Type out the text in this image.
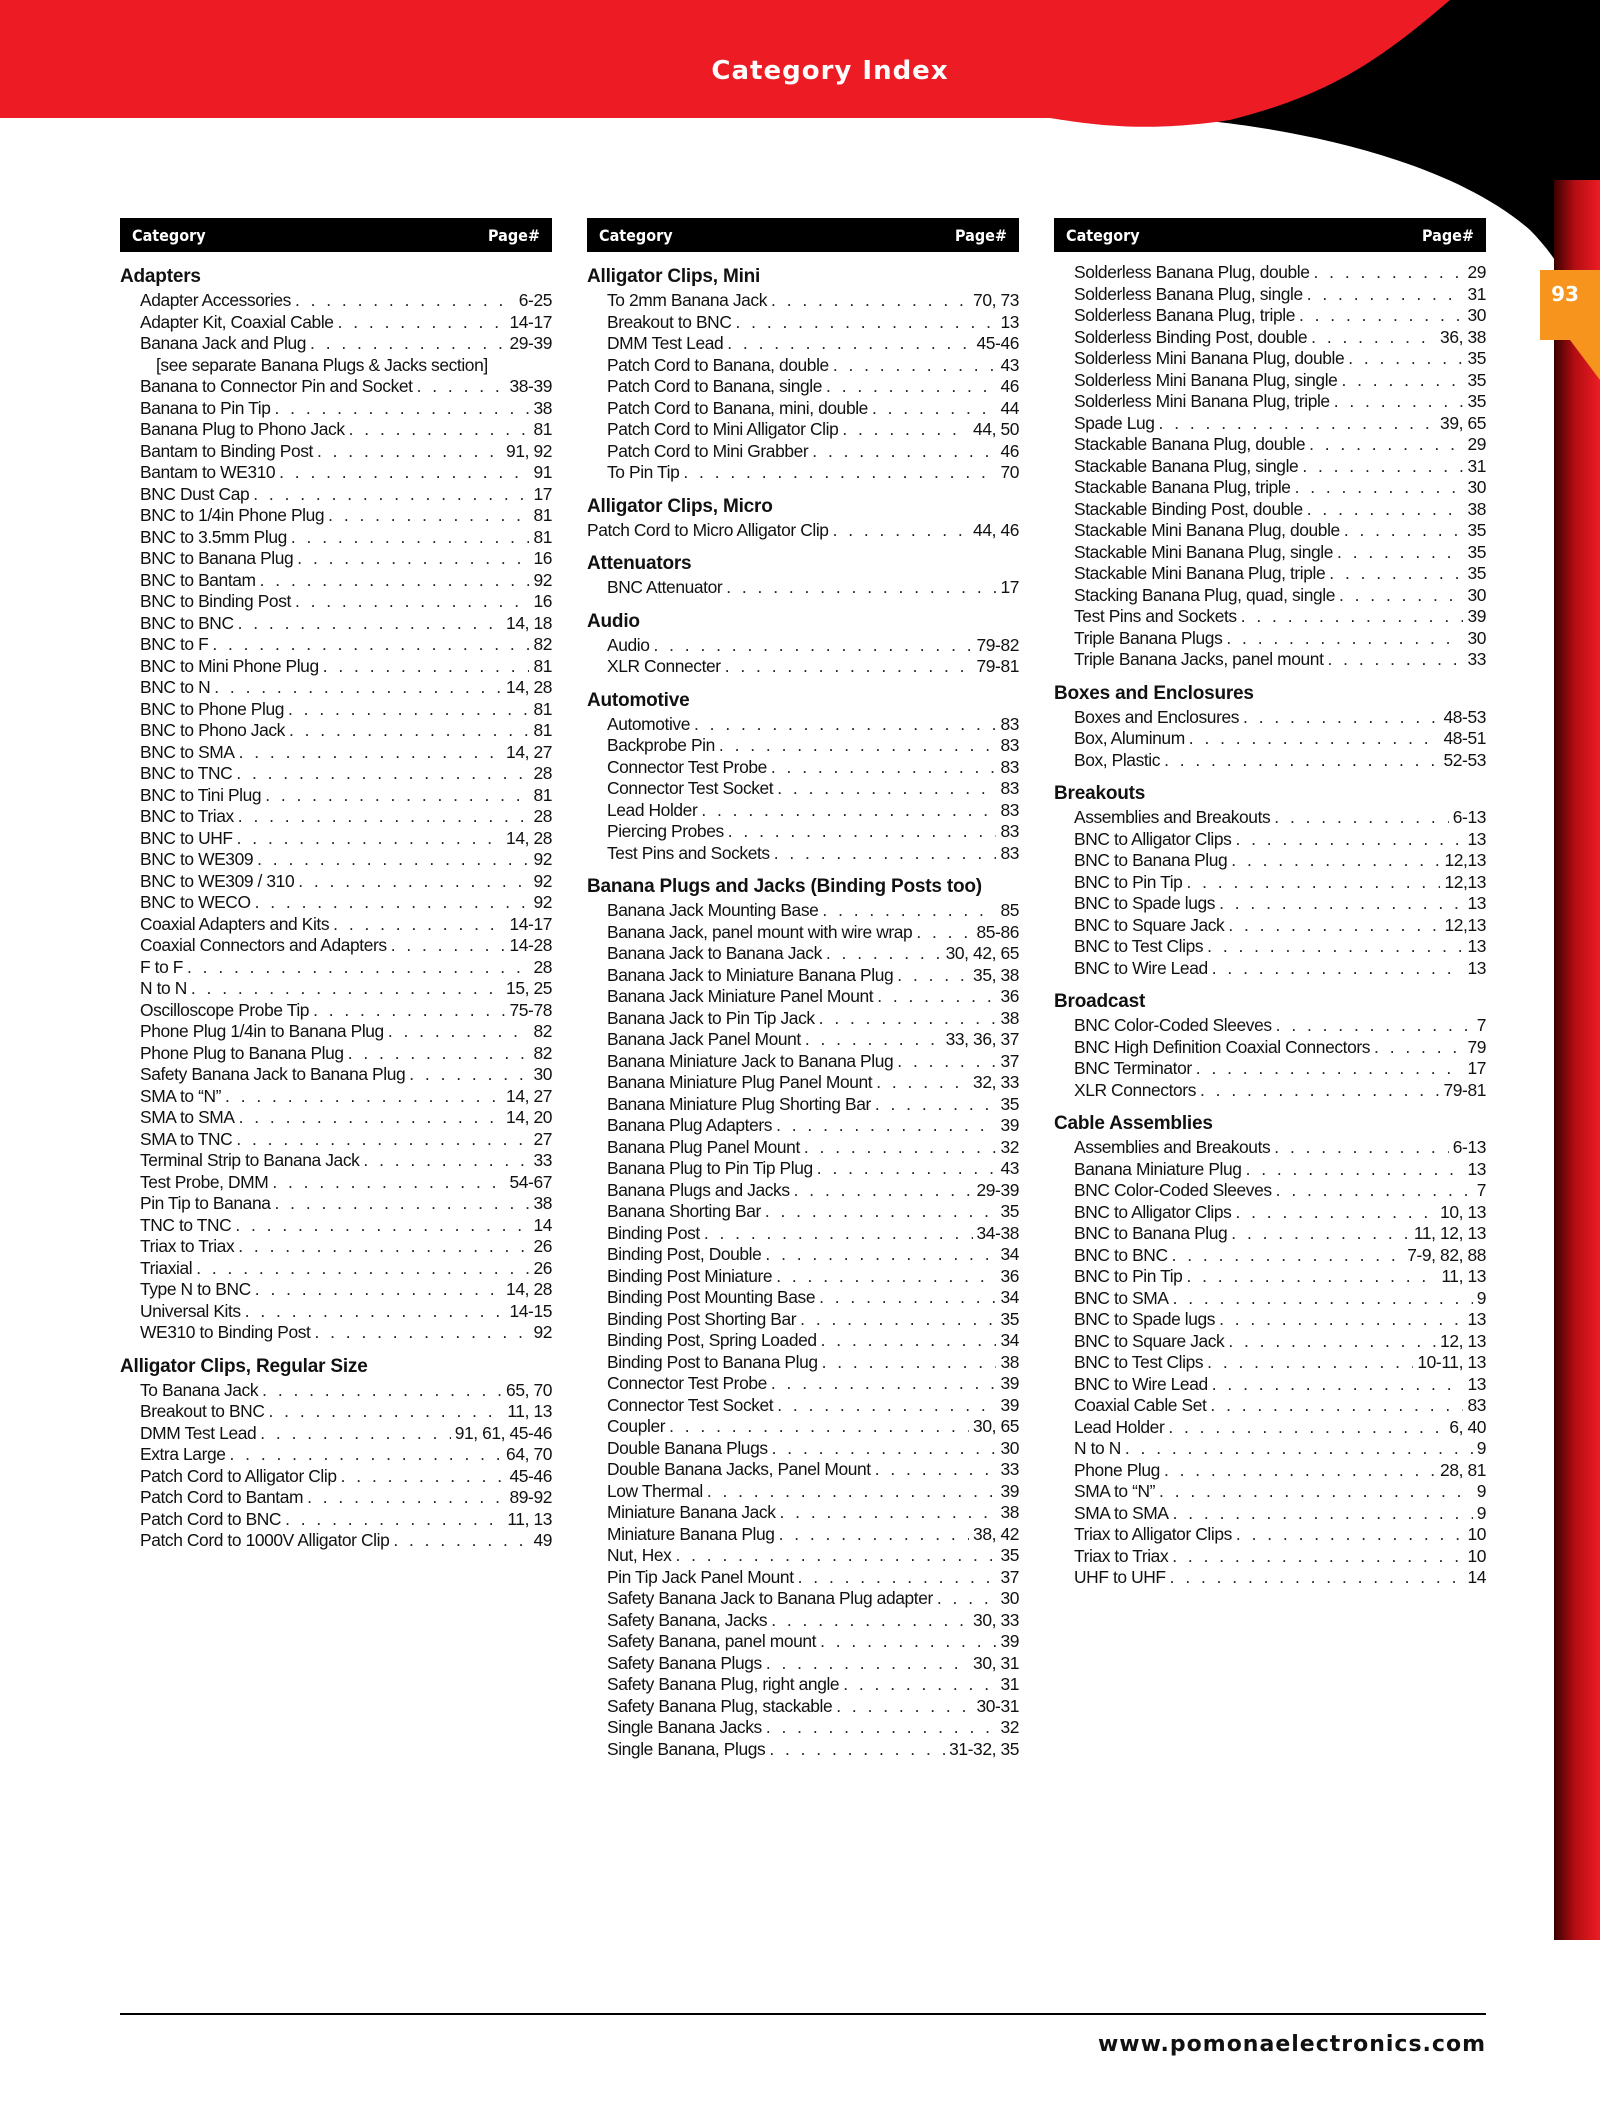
Category Index
93
Category	Page#
Adapters
Adapter Accessories . . .	6-25
Adapter Kit, Coaxial Cable . . .	14-17
Banana Jack and Plug . . .	29-39
[see separate Banana Plugs & Jacks section]
Banana to Connector Pin and Socket . . .	38-39
Banana to Pin Tip . . .	38
Banana Plug to Phono Jack . . .	81
Bantam to Binding Post . . .	91, 92
Bantam to WE310 . . .	91
BNC Dust Cap . . .	17
BNC to 1/4in Phone Plug . . .	81
BNC to 3.5mm Plug . . .	81
BNC to Banana Plug . . .	16
BNC to Bantam . . .	92
BNC to Binding Post . . .	16
BNC to BNC . . .	14, 18
BNC to F . . .	82
BNC to Mini Phone Plug . . .	81
BNC to N . . .	14, 28
BNC to Phone Plug . . .	81
BNC to Phono Jack . . .	81
BNC to SMA . . .	14, 27
BNC to TNC . . .	28
BNC to Tini Plug . . .	81
BNC to Triax . . .	28
BNC to UHF . . .	14, 28
BNC to WE309 . . .	92
BNC to WE309 / 310 . . .	92
BNC to WECO . . .	92
Coaxial Adapters and Kits . . .	14-17
Coaxial Connectors and Adapters . . .	14-28
F to F . . .	28
N to N . . .	15, 25
Oscilloscope Probe Tip . . .	75-78
Phone Plug 1/4in to Banana Plug . . .	82
Phone Plug to Banana Plug . . .	82
Safety Banana Jack to Banana Plug . . .	30
SMA to “N” . . .	14, 27
SMA to SMA . . .	14, 20
SMA to TNC . . .	27
Terminal Strip to Banana Jack . . .	33
Test Probe, DMM . . .	54-67
Pin Tip to Banana . . .	38
TNC to TNC . . .	14
Triax to Triax . . .	26
Triaxial . . .	26
Type N to BNC . . .	14, 28
Universal Kits . . .	14-15
WE310 to Binding Post . . .	92
Alligator Clips, Regular Size
To Banana Jack . . .	65, 70
Breakout to BNC . . .	11, 13
DMM Test Lead . . .	91, 61, 45-46
Extra Large . . .	64, 70
Patch Cord to Alligator Clip . . .	45-46
Patch Cord to Bantam . . .	89-92
Patch Cord to BNC . . .	11, 13
Patch Cord to 1000V Alligator Clip . . .	49
Category	Page#
Alligator Clips, Mini
To 2mm Banana Jack . . .	70, 73
Breakout to BNC . . .	13
DMM Test Lead . . .	45-46
Patch Cord to Banana, double . . .	43
Patch Cord to Banana, single . . .	46
Patch Cord to Banana, mini, double . . .	44
Patch Cord to Mini Alligator Clip . . .	44, 50
Patch Cord to Mini Grabber . . .	46
To Pin Tip . . .	70
Alligator Clips, Micro
Patch Cord to Micro Alligator Clip . . .	44, 46
Attenuators
BNC Attenuator . . .	17
Audio
Audio . . .	79-82
XLR Connecter . . .	79-81
Automotive
Automotive . . .	83
Backprobe Pin . . .	83
Connector Test Probe . . .	83
Connector Test Socket . . .	83
Lead Holder . . .	83
Piercing Probes . . .	83
Test Pins and Sockets . . .	83
Banana Plugs and Jacks (Binding Posts too)
Banana Jack Mounting Base . . .	85
Banana Jack, panel mount with wire wrap . . .	85-86
Banana Jack to Banana Jack . . .	30, 42, 65
Banana Jack to Miniature Banana Plug . . .	35, 38
Banana Jack Miniature Panel Mount . . .	36
Banana Jack to Pin Tip Jack . . .	38
Banana Jack Panel Mount . . .	33, 36, 37
Banana Miniature Jack to Banana Plug . . .	37
Banana Miniature Plug Panel Mount . . .	32, 33
Banana Miniature Plug Shorting Bar . . .	35
Banana Plug Adapters . . .	39
Banana Plug Panel Mount . . .	32
Banana Plug to Pin Tip Plug . . .	43
Banana Plugs and Jacks . . .	29-39
Banana Shorting Bar . . .	35
Binding Post . . .	34-38
Binding Post, Double . . .	34
Binding Post Miniature . . .	36
Binding Post Mounting Base . . .	34
Binding Post Shorting Bar . . .	35
Binding Post, Spring Loaded . . .	34
Binding Post to Banana Plug . . .	38
Connector Test Probe . . .	39
Connector Test Socket . . .	39
Coupler . . .	30, 65
Double Banana Plugs . . .	30
Double Banana Jacks, Panel Mount . . .	33
Low Thermal . . .	39
Miniature Banana Jack . . .	38
Miniature Banana Plug . . .	38, 42
Nut, Hex . . .	35
Pin Tip Jack Panel Mount . . .	37
Safety Banana Jack to Banana Plug adapter . . .	30
Safety Banana, Jacks . . .	30, 33
Safety Banana, panel mount . . .	39
Safety Banana Plugs . . .	30, 31
Safety Banana Plug, right angle . . .	31
Safety Banana Plug, stackable . . .	30-31
Single Banana Jacks . . .	32
Single Banana, Plugs . . .	31-32, 35
Category	Page#
Solderless Banana Plug, double . . .	29
Solderless Banana Plug, single . . .	31
Solderless Banana Plug, triple . . .	30
Solderless Binding Post, double . . .	36, 38
Solderless Mini Banana Plug, double . . .	35
Solderless Mini Banana Plug, single . . .	35
Solderless Mini Banana Plug, triple . . .	35
Spade Lug . . .	39, 65
Stackable Banana Plug, double . . .	29
Stackable Banana Plug, single . . .	31
Stackable Banana Plug, triple . . .	30
Stackable Binding Post, double . . .	38
Stackable Mini Banana Plug, double . . .	35
Stackable Mini Banana Plug, single . . .	35
Stackable Mini Banana Plug, triple . . .	35
Stacking Banana Plug, quad, single . . .	30
Test Pins and Sockets . . .	39
Triple Banana Plugs . . .	30
Triple Banana Jacks, panel mount . . .	33
Boxes and Enclosures
Boxes and Enclosures . . .	48-53
Box, Aluminum . . .	48-51
Box, Plastic . . .	52-53
Breakouts
Assemblies and Breakouts . . .	6-13
BNC to Alligator Clips . . .	13
BNC to Banana Plug . . .	12,13
BNC to Pin Tip . . .	12,13
BNC to Spade lugs . . .	13
BNC to Square Jack . . .	12,13
BNC to Test Clips . . .	13
BNC to Wire Lead . . .	13
Broadcast
BNC Color-Coded Sleeves . . .	7
BNC High Definition Coaxial Connectors . . .	79
BNC Terminator . . .	17
XLR Connectors . . .	79-81
Cable Assemblies
Assemblies and Breakouts . . .	6-13
Banana Miniature Plug . . .	13
BNC Color-Coded Sleeves . . .	7
BNC to Alligator Clips . . .	10, 13
BNC to Banana Plug . . .	11, 12, 13
BNC to BNC . . .	7-9, 82, 88
BNC to Pin Tip . . .	11, 13
BNC to SMA . . .	9
BNC to Spade lugs . . .	13
BNC to Square Jack . . .	12, 13
BNC to Test Clips . . .	10-11, 13
BNC to Wire Lead . . .	13
Coaxial Cable Set . . .	83
Lead Holder . . .	6, 40
N to N . . .	9
Phone Plug . . .	28, 81
SMA to “N” . . .	9
SMA to SMA . . .	9
Triax to Alligator Clips . . .	10
Triax to Triax . . .	10
UHF to UHF . . .	14
www.pomonaelectronics.com
